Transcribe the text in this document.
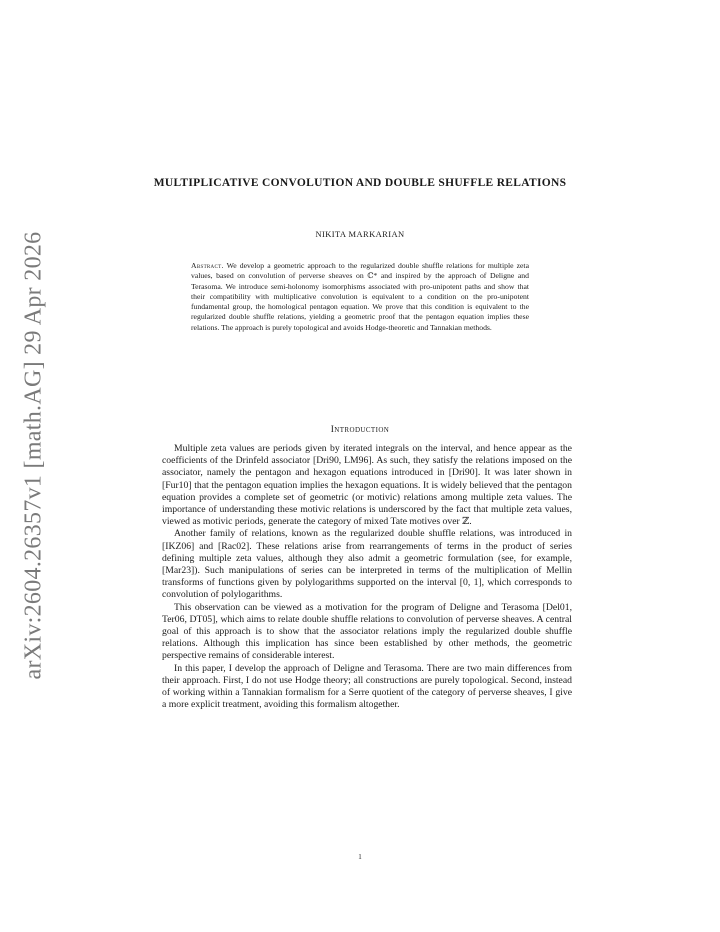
arXiv:2604.26357v1 [math.AG] 29 Apr 2026
MULTIPLICATIVE CONVOLUTION AND DOUBLE SHUFFLE RELATIONS
NIKITA MARKARIAN
Abstract. We develop a geometric approach to the regularized double shuffle relations for multiple zeta values, based on convolution of perverse sheaves on ℂ* and inspired by the approach of Deligne and Terasoma. We introduce semi-holonomy isomorphisms associated with pro-unipotent paths and show that their compatibility with multiplicative convolution is equivalent to a condition on the pro-unipotent fundamental group, the homological pentagon equation. We prove that this condition is equivalent to the regularized double shuffle relations, yielding a geometric proof that the pentagon equation implies these relations. The approach is purely topological and avoids Hodge-theoretic and Tannakian methods.
Introduction

Multiple zeta values are periods given by iterated integrals on the interval, and hence appear as the coefficients of the Drinfeld associator [Dri90, LM96]. As such, they satisfy the relations imposed on the associator, namely the pentagon and hexagon equations introduced in [Dri90]. It was later shown in [Fur10] that the pentagon equation implies the hexagon equations. It is widely believed that the pentagon equation provides a complete set of geometric (or motivic) relations among multiple zeta values. The importance of understanding these motivic relations is underscored by the fact that multiple zeta values, viewed as motivic periods, generate the category of mixed Tate motives over ℤ.

Another family of relations, known as the regularized double shuffle relations, was introduced in [IKZ06] and [Rac02]. These relations arise from rearrangements of terms in the product of series defining multiple zeta values, although they also admit a geometric formulation (see, for example, [Mar23]). Such manipulations of series can be interpreted in terms of the multiplication of Mellin transforms of functions given by polylogarithms supported on the interval [0, 1], which corresponds to convolution of polylogarithms.

This observation can be viewed as a motivation for the program of Deligne and Terasoma [Del01, Ter06, DT05], which aims to relate double shuffle relations to convolution of perverse sheaves. A central goal of this approach is to show that the associator relations imply the regularized double shuffle relations. Although this implication has since been established by other methods, the geometric perspective remains of considerable interest.

In this paper, I develop the approach of Deligne and Terasoma. There are two main differences from their approach. First, I do not use Hodge theory; all constructions are purely topological. Second, instead of working within a Tannakian formalism for a Serre quotient of the category of perverse sheaves, I give a more explicit treatment, avoiding this formalism altogether.

1
